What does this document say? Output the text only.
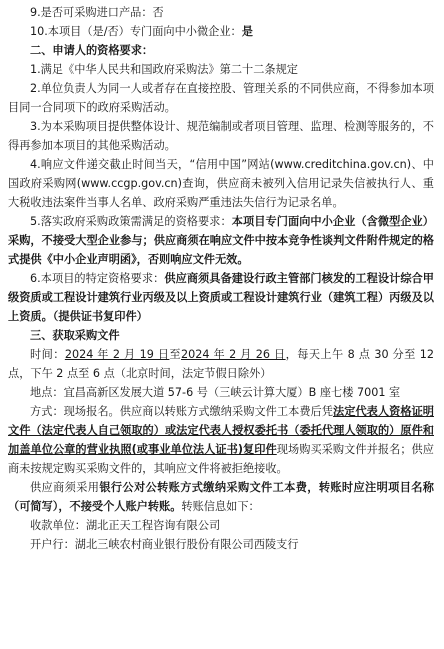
9.是否可采购进口产品：否

10.本项目（是/否）专门面向中小微企业：是

二、申请人的资格要求：

1.满足《中华人民共和国政府采购法》第二十二条规定

2.单位负责人为同一人或者存在直接控股、管理关系的不同供应商，不得参加本项目同一合同项下的政府采购活动。

3.为本采购项目提供整体设计、规范编制或者项目管理、监理、检测等服务的，不得再参加本项目的其他采购活动。

4.响应文件递交截止时间当天，“信用中国”网站(www.creditchina.gov.cn)、中国政府采购网(www.ccgp.gov.cn)查询，供应商未被列入信用记录失信被执行人、重大税收违法案件当事人名单、政府采购严重违法失信行为记录名单。

5.落实政府采购政策需满足的资格要求：本项目专门面向中小企业（含微型企业）采购，不接受大型企业参与；供应商须在响应文件中按本竞争性谈判文件附件规定的格式提供《中小企业声明函》，否则响应文件无效。

6.本项目的特定资格要求：供应商须具备建设行政主管部门核发的工程设计综合甲级资质或工程设计建筑行业丙级及以上资质或工程设计建筑行业（建筑工程）丙级及以上资质。（提供证书复印件）

三、获取采购文件

时间：2024 年 2 月 19 日至2024 年 2 月 26 日，每天上午 8 点 30 分至 12 点，下午 2 点至 6 点（北京时间，法定节假日除外）

地点：宜昌高新区发展大道 57-6 号（三峡云计算大厦）B 座七楼 7001 室

方式：现场报名。供应商以转账方式缴纳采购文件工本费后凭法定代表人资格证明文件（法定代表人自己领取的）或法定代表人授权委托书（委托代理人领取的）原件和加盖单位公章的营业执照(或事业单位法人证书)复印件现场购买采购文件并报名；供应商未按规定购买采购文件的，其响应文件将被拒绝接收。

供应商须采用银行公对公转账方式缴纳采购文件工本费，转账时应注明项目名称（可简写），不接受个人账户转账。转账信息如下：

收款单位：湖北正天工程咨询有限公司

开户行：湖北三峡农村商业银行股份有限公司西陵支行
